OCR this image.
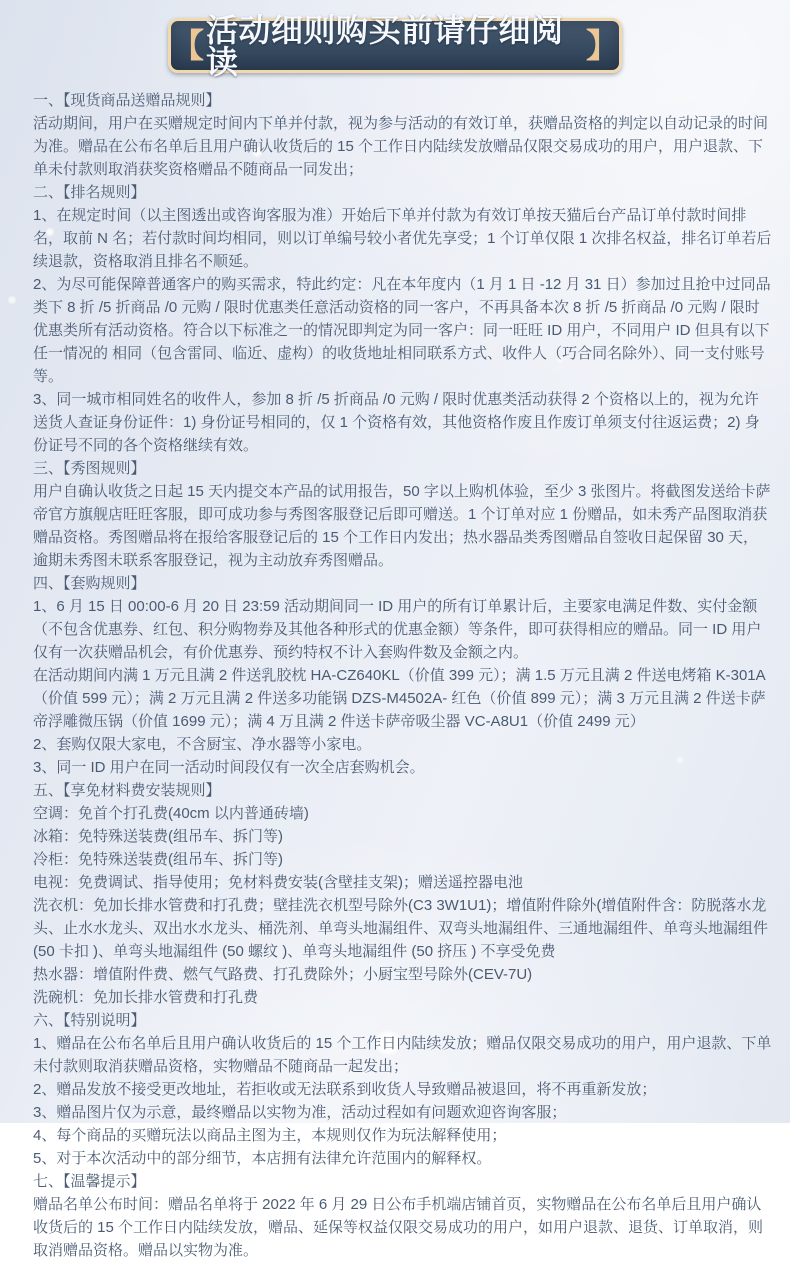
【 活动细则购买前请仔细阅读	】
一、【现货商品送赠品规则】

活动期间，用户在买赠规定时间内下单并付款，视为参与活动的有效订单，获赠品资格的判定以自动记录的时间为准。赠品在公布名单后且用户确认收货后的 15 个工作日内陆续发放赠品仅限交易成功的用户，用户退款、下单未付款则取消获奖资格赠品不随商品一同发出；

二、【排名规则】

1、在规定时间（以主图透出或咨询客服为准）开始后下单并付款为有效订单按天猫后台产品订单付款时间排名，取前 N 名；若付款时间均相同，则以订单编号较小者优先享受；1 个订单仅限 1 次排名权益，排名订单若后续退款，资格取消且排名不顺延。

2、为尽可能保障普通客户的购买需求，特此约定：凡在本年度内（1 月 1 日 -12 月 31 日）参加过且抢中过同品类下 8 折 /5 折商品 /0 元购 / 限时优惠类任意活动资格的同一客户，不再具备本次 8 折 /5 折商品 /0 元购 / 限时优惠类所有活动资格。符合以下标准之一的情况即判定为同一客户：同一旺旺 ID 用户，不同用户 ID 但具有以下任一情况的 相同（包含雷同、临近、虚构）的收货地址相同联系方式、收件人（巧合同名除外）、同一支付账号等。

3、同一城市相同姓名的收件人，参加 8 折 /5 折商品 /0 元购 / 限时优惠类活动获得 2 个资格以上的，视为允许送货人查证身份证件：1) 身份证号相同的，仅 1 个资格有效，其他资格作废且作废订单须支付往返运费；2) 身份证号不同的各个资格继续有效。

三、【秀图规则】

用户自确认收货之日起 15 天内提交本产品的试用报告，50 字以上购机体验，至少 3 张图片。将截图发送给卡萨帝官方旗舰店旺旺客服，即可成功参与秀图客服登记后即可赠送。1 个订单对应 1 份赠品，如未秀产品图取消获赠品资格。秀图赠品将在报给客服登记后的 15 个工作日内发出；热水器品类秀图赠品自签收日起保留 30 天，逾期未秀图未联系客服登记，视为主动放弃秀图赠品。

四、【套购规则】

1、6 月 15 日 00:00-6 月 20 日 23:59 活动期间同一 ID 用户的所有订单累计后，主要家电满足件数、实付金额（不包含优惠券、红包、积分购物券及其他各种形式的优惠金额）等条件，即可获得相应的赠品。同一 ID 用户仅有一次获赠品机会，有价优惠券、预约特权不计入套购件数及金额之内。

在活动期间内满 1 万元且满 2 件送乳胶枕 HA-CZ640KL（价值 399 元）；满 1.5 万元且满 2 件送电烤箱 K-301A（价值 599 元）；满 2 万元且满 2 件送多功能锅 DZS-M4502A- 红色（价值 899 元）；满 3 万元且满 2 件送卡萨帝浮雕微压锅（价值 1699 元）；满 4 万且满 2 件送卡萨帝吸尘器 VC-A8U1（价值 2499 元）

2、套购仅限大家电，不含厨宝、净水器等小家电。

3、同一 ID 用户在同一活动时间段仅有一次全店套购机会。

五、【享免材料费安装规则】

空调：免首个打孔费(40cm 以内普通砖墙)

冰箱：免特殊送装费(组吊车、拆门等)

冷柜：免特殊送装费(组吊车、拆门等)

电视：免费调试、指导使用；免材料费安装(含壁挂支架)；赠送遥控器电池

洗衣机：免加长排水管费和打孔费；壁挂洗衣机型号除外(C3 3W1U1)；增值附件除外(增值附件含：防脱落水龙头、止水水龙头、双出水水龙头、桶洗剂、单弯头地漏组件、双弯头地漏组件、三通地漏组件、单弯头地漏组件 (50 卡扣 )、单弯头地漏组件 (50 螺纹 )、单弯头地漏组件 (50 挤压 ) 不享受免费

热水器：增值附件费、燃气气路费、打孔费除外；小厨宝型号除外(CEV-7U)

洗碗机：免加长排水管费和打孔费

六、【特别说明】

1、赠品在公布名单后且用户确认收货后的 15 个工作日内陆续发放；赠品仅限交易成功的用户，用户退款、下单未付款则取消获赠品资格，实物赠品不随商品一起发出；

2、赠品发放不接受更改地址，若拒收或无法联系到收货人导致赠品被退回，将不再重新发放；

3、赠品图片仅为示意，最终赠品以实物为准，活动过程如有问题欢迎咨询客服；

4、每个商品的买赠玩法以商品主图为主，本规则仅作为玩法解释使用；

5、对于本次活动中的部分细节，本店拥有法律允许范围内的解释权。

七、【温馨提示】

赠品名单公布时间：赠品名单将于 2022 年 6 月 29 日公布手机端店铺首页，实物赠品在公布名单后且用户确认收货后的 15 个工作日内陆续发放，赠品、延保等权益仅限交易成功的用户，如用户退款、退货、订单取消，则取消赠品资格。赠品以实物为准。
